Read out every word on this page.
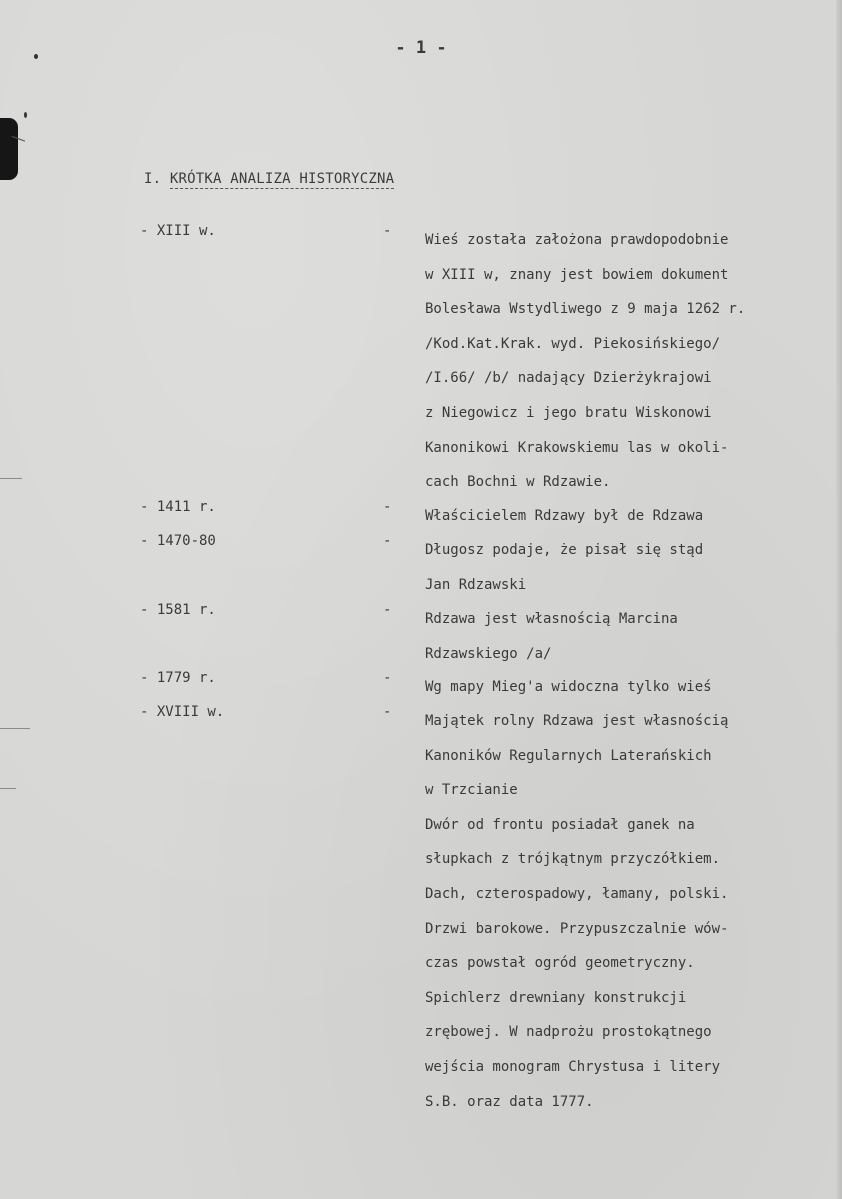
- 1 -
I. KRÓTKA ANALIZA HISTORYCZNA
- XIII w.	-
Wieś została założona prawdopodobnie
w XIII w, znany jest bowiem dokument
Bolesława Wstydliwego z 9 maja 1262 r.
/Kod.Kat.Krak. wyd. Piekosińskiego/
/I.66/ /b/ nadający Dzierżykrajowi
z Niegowicz i jego bratu Wiskonowi
Kanonikowi Krakowskiemu las w okoli-
cach Bochni w Rdzawie.
- 1411 r.	-
Właścicielem Rdzawy był de Rdzawa
- 1470-80	-
Długosz podaje, że pisał się stąd
Jan Rdzawski
- 1581 r.	-
Rdzawa jest własnością Marcina
Rdzawskiego /a/
- 1779 r.	-
Wg mapy Mieg'a widoczna tylko wieś
- XVIII w.	-
Majątek rolny Rdzawa jest własnością
Kanoników Regularnych Laterańskich
w Trzcianie
Dwór od frontu posiadał ganek na
słupkach z trójkątnym przyczółkiem.
Dach, czterospadowy, łamany, polski.
Drzwi barokowe. Przypuszczalnie wów-
czas powstał ogród geometryczny.
Spichlerz drewniany konstrukcji
zrębowej. W nadprożu prostokątnego
wejścia monogram Chrystusa i litery
S.B. oraz data 1777.
